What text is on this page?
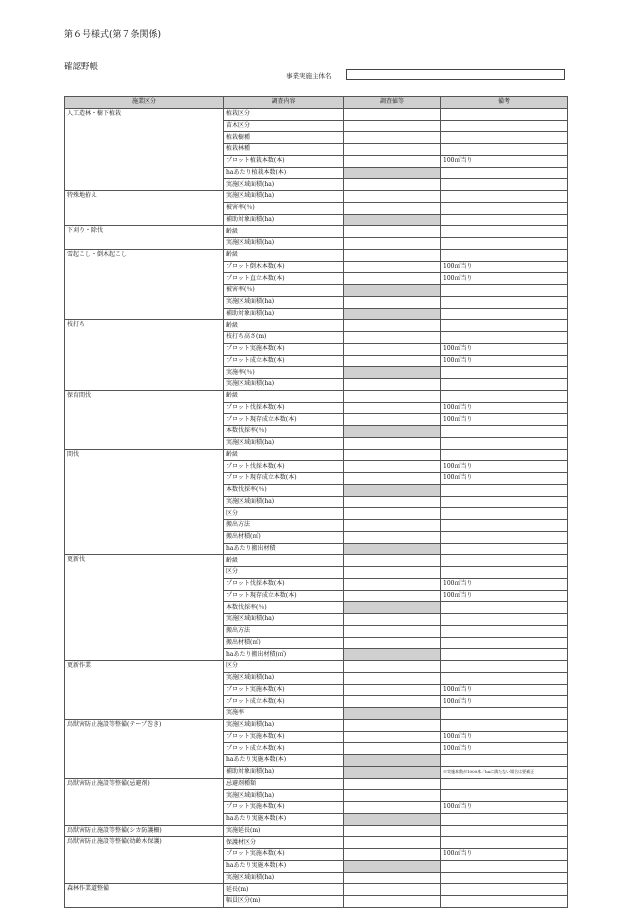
第６号様式(第７条関係)
確認野帳
事業実施主体名
施業区分	調査内容	調査値等	備考
人工造林・樹下植栽	植栽区分		
	苗木区分		
	植栽樹種		
	植栽林種		
	プロット植栽本数(本)		100㎡当り
	haあたり植栽本数(本)		
	実施区域面積(ha)		
特殊地拵え	実施区域面積(ha)		
	被害率(％)		
	補助対象面積(ha)		
下刈り・除伐	齢級		
	実施区域面積(ha)		
雪起こし・倒木起こし	齢級		
	プロット倒木本数(本)		100㎡当り
	プロット直立本数(本)		100㎡当り
	被害率(％)		
	実施区域面積(ha)		
	補助対象面積(ha)		
枝打ち	齢級		
	枝打ち高さ(m)		
	プロット実施本数(本)		100㎡当り
	プロット成立本数(本)		100㎡当り
	実施率(％)		
	実施区域面積(ha)		
保育間伐	齢級		
	プロット伐採本数(本)		100㎡当り
	プロット現存成立本数(本)		100㎡当り
	本数伐採率(％)		
	実施区域面積(ha)		
間伐	齢級		
	プロット伐採本数(本)		100㎡当り
	プロット現存成立本数(本)		100㎡当り
	本数伐採率(％)		
	実施区域面積(ha)		
	区分		
	搬出方法		
	搬出材積(㎥)		
	haあたり搬出材積		
更新伐	齢級		
	区分		
	プロット伐採本数(本)		100㎡当り
	プロット現存成立本数(本)		100㎡当り
	本数伐採率(％)		
	実施区域面積(ha)		
	搬出方法		
	搬出材積(㎥)		
	haあたり搬出材積(㎥)		
更新作業	区分		
	実施区域面積(ha)		
	プロット実施本数(本)		100㎡当り
	プロット成立本数(本)		100㎡当り
	実施率		
鳥獣害防止施設等整備(テープ巻き)	実施区域面積(ha)		
	プロット実施本数(本)		100㎡当り
	プロット成立本数(本)		100㎡当り
	haあたり実施本数(本)		
	補助対象面積(ha)		※実施本数が1000本／haに満たない場合は要補正
鳥獣害防止施設等整備(忌避剤)	忌避剤種類		
	実施区域面積(ha)		
	プロット実施本数(本)		100㎡当り
	haあたり実施本数(本)		
鳥獣害防止施設等整備(シカ防護柵)	実施延長(m)		
鳥獣害防止施設等整備(幼齢木保護)	保護材区分		
	プロット実施本数(本)		100㎡当り
	haあたり実施本数(本)		
	実施区域面積(ha)		
森林作業道整備	延長(m)		
	幅員区分(m)		
